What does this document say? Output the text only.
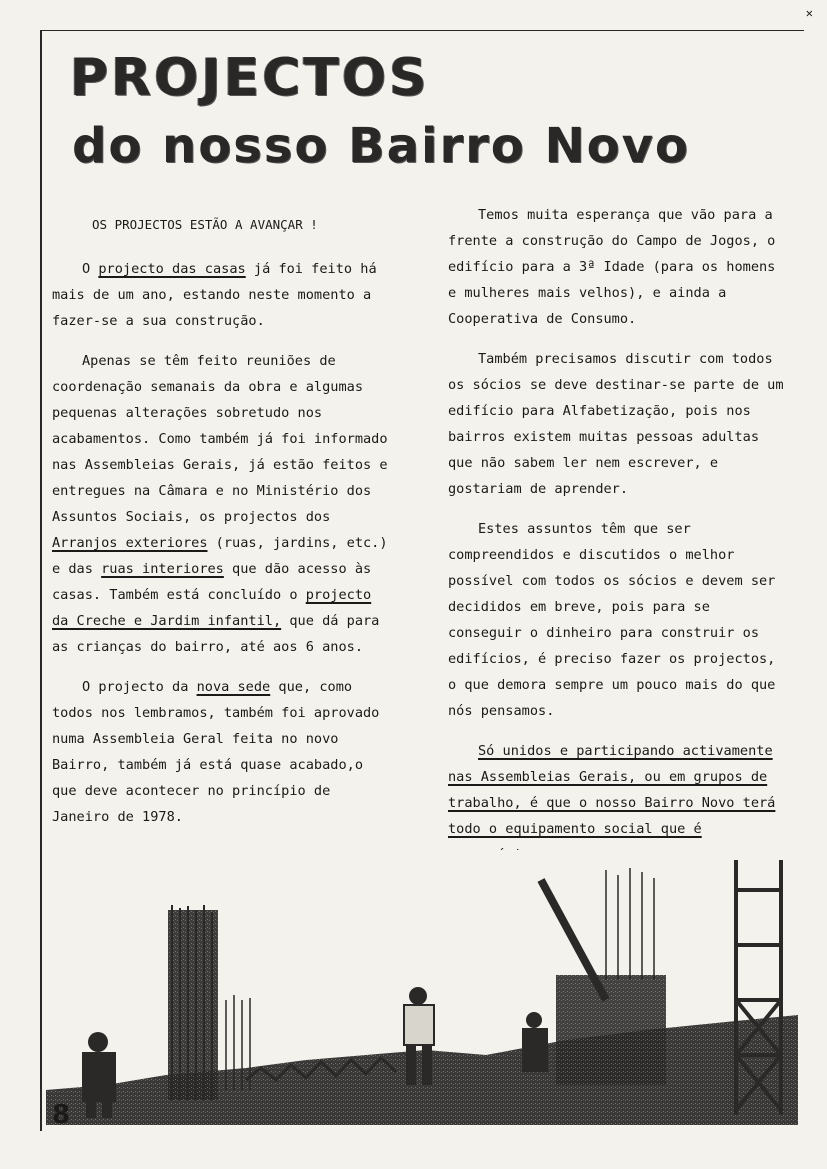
✕
PROJECTOS
do nosso Bairro Novo
OS PROJECTOS ESTÃO A AVANÇAR !

O projecto das casas já foi feito há mais de um ano, estando neste momento a fazer-se a sua construção.

Apenas se têm feito reuniões de coordenação semanais da obra e algumas pequenas alterações sobretudo nos acabamentos. Como também já foi informado nas Assembleias Gerais, já estão feitos e entregues na Câmara e no Ministério dos Assuntos Sociais, os projectos dos Arranjos exteriores (ruas, jardins, etc.) e das ruas interiores que dão acesso às casas. Também está concluído o projecto da Creche e Jardim infantil, que dá para as crianças do bairro, até aos 6 anos.

O projecto da nova sede que, como todos nos lembramos, também foi aprovado numa Assembleia Geral feita no novo Bairro, também já está quase acabado,o que deve acontecer no princípio de Janeiro de 1978.

Temos muita esperança que vão para a frente a construção do Campo de Jogos, o edifício para a 3ª Idade (para os homens e mulheres mais velhos), e ainda a Cooperativa de Consumo.

Também precisamos discutir com todos os sócios se deve destinar-se parte de um edifício para Alfabetização, pois nos bairros existem muitas pessoas adultas que não sabem ler nem escrever, e gostariam de aprender.

Estes assuntos têm que ser compreendidos e discutidos o melhor possível com todos os sócios e devem ser decididos em breve, pois para se conseguir o dinheiro para construir os edifícios, é preciso fazer os projectos, o que demora sempre um pouco mais do que nós pensamos.

Só unidos e participando activamente nas Assembleias Gerais, ou em grupos de trabalho, é que o nosso Bairro Novo terá todo o equipamento social que é

8
